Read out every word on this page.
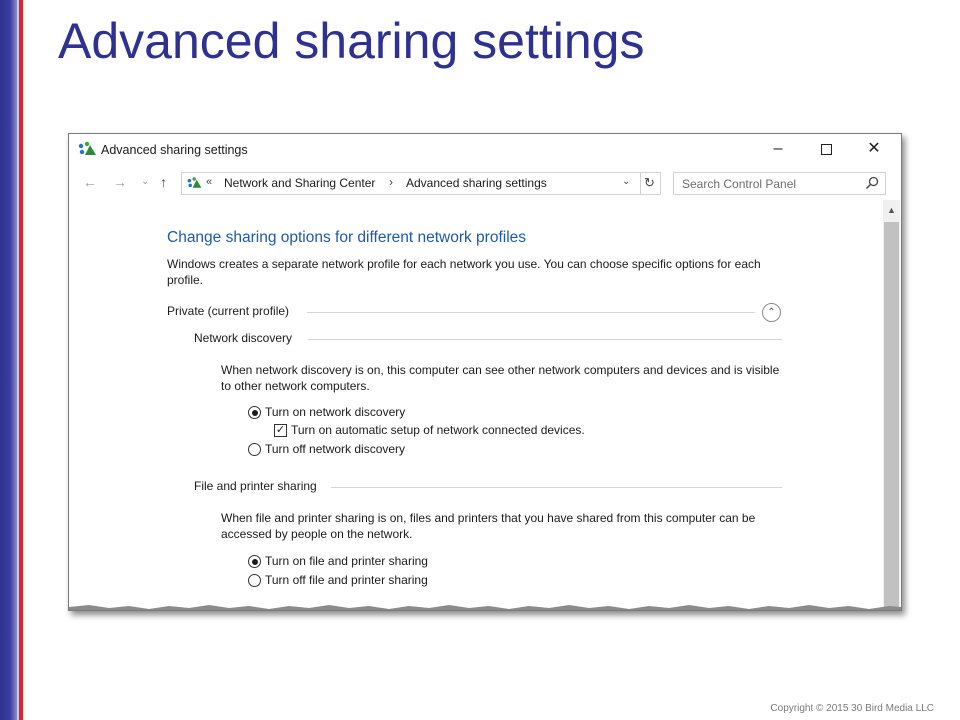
Advanced sharing settings
Advanced sharing settings	–	✕
← → ⌄ ↑	« Network and Sharing Center › Advanced sharing settings	⌄	↻	Search Control Panel
Change sharing options for different network profiles
Windows creates a separate network profile for each network you use. You can choose specific options for each profile.
Private (current profile)	⌃
Network discovery
When network discovery is on, this computer can see other network computers and devices and is visible to other network computers.
Turn on network discovery
✓ Turn on automatic setup of network connected devices.
Turn off network discovery
File and printer sharing
When file and printer sharing is on, files and printers that you have shared from this computer can be accessed by people on the network.
Turn on file and printer sharing
Turn off file and printer sharing
▲
Copyright © 2015 30 Bird Media LLC
